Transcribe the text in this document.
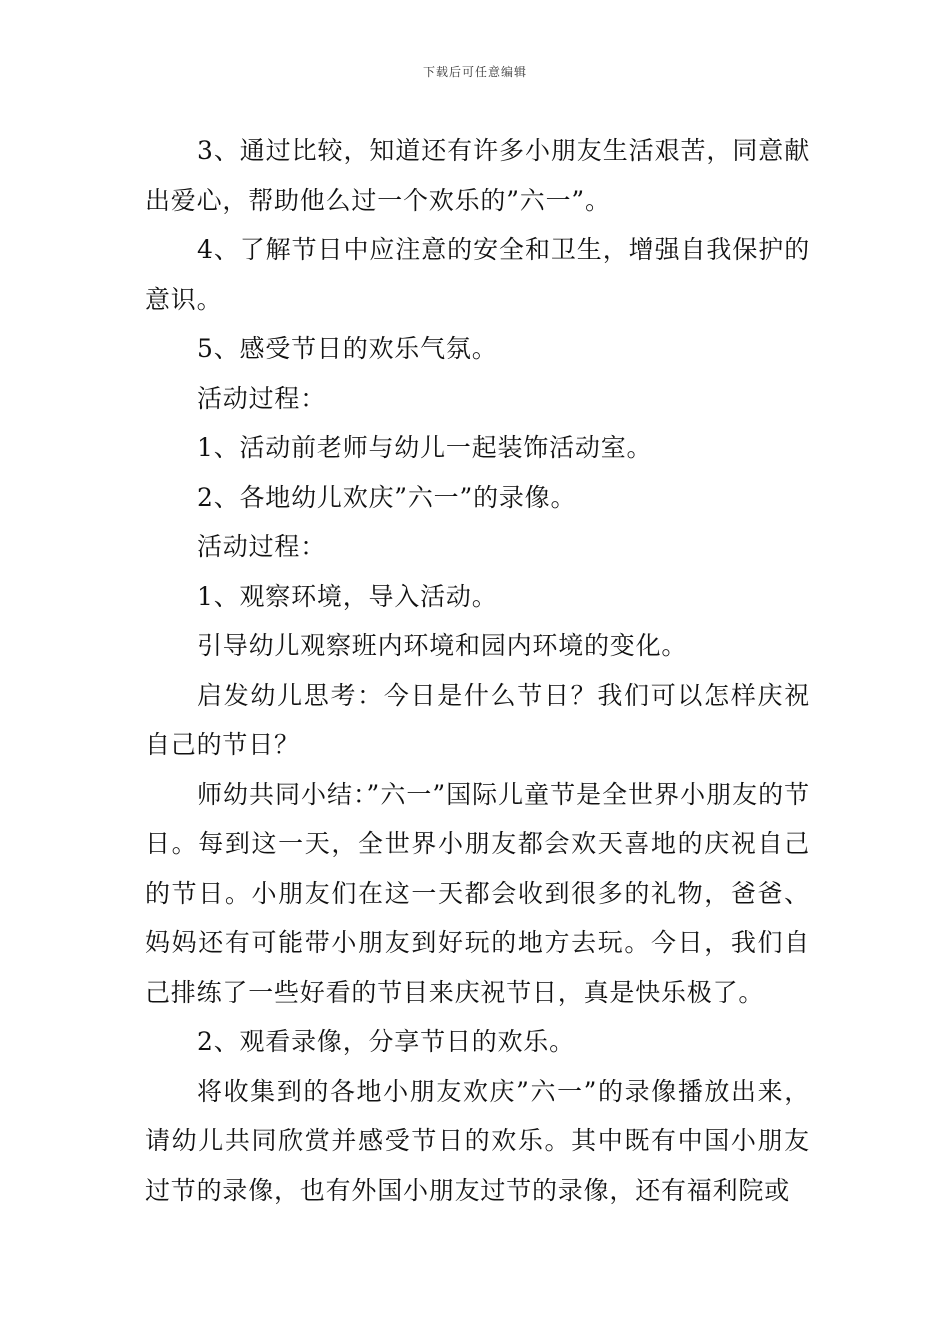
下载后可任意编辑

3、通过比较，知道还有许多小朋友生活艰苦，同意献出爱心，帮助他么过一个欢乐的”六一”。

4、了解节日中应注意的安全和卫生，增强自我保护的意识。

5、感受节日的欢乐气氛。

活动过程：

1、活动前老师与幼儿一起装饰活动室。

2、各地幼儿欢庆”六一”的录像。

活动过程：

1、观察环境，导入活动。

引导幼儿观察班内环境和园内环境的变化。

启发幼儿思考：今日是什么节日？我们可以怎样庆祝自己的节日？

师幼共同小结：”六一”国际儿童节是全世界小朋友的节日。每到这一天，全世界小朋友都会欢天喜地的庆祝自己的节日。小朋友们在这一天都会收到很多的礼物，爸爸、妈妈还有可能带小朋友到好玩的地方去玩。今日，我们自己排练了一些好看的节目来庆祝节日，真是快乐极了。

2、观看录像，分享节日的欢乐。

将收集到的各地小朋友欢庆”六一”的录像播放出来，请幼儿共同欣赏并感受节日的欢乐。其中既有中国小朋友过节的录像，也有外国小朋友过节的录像，还有福利院或
